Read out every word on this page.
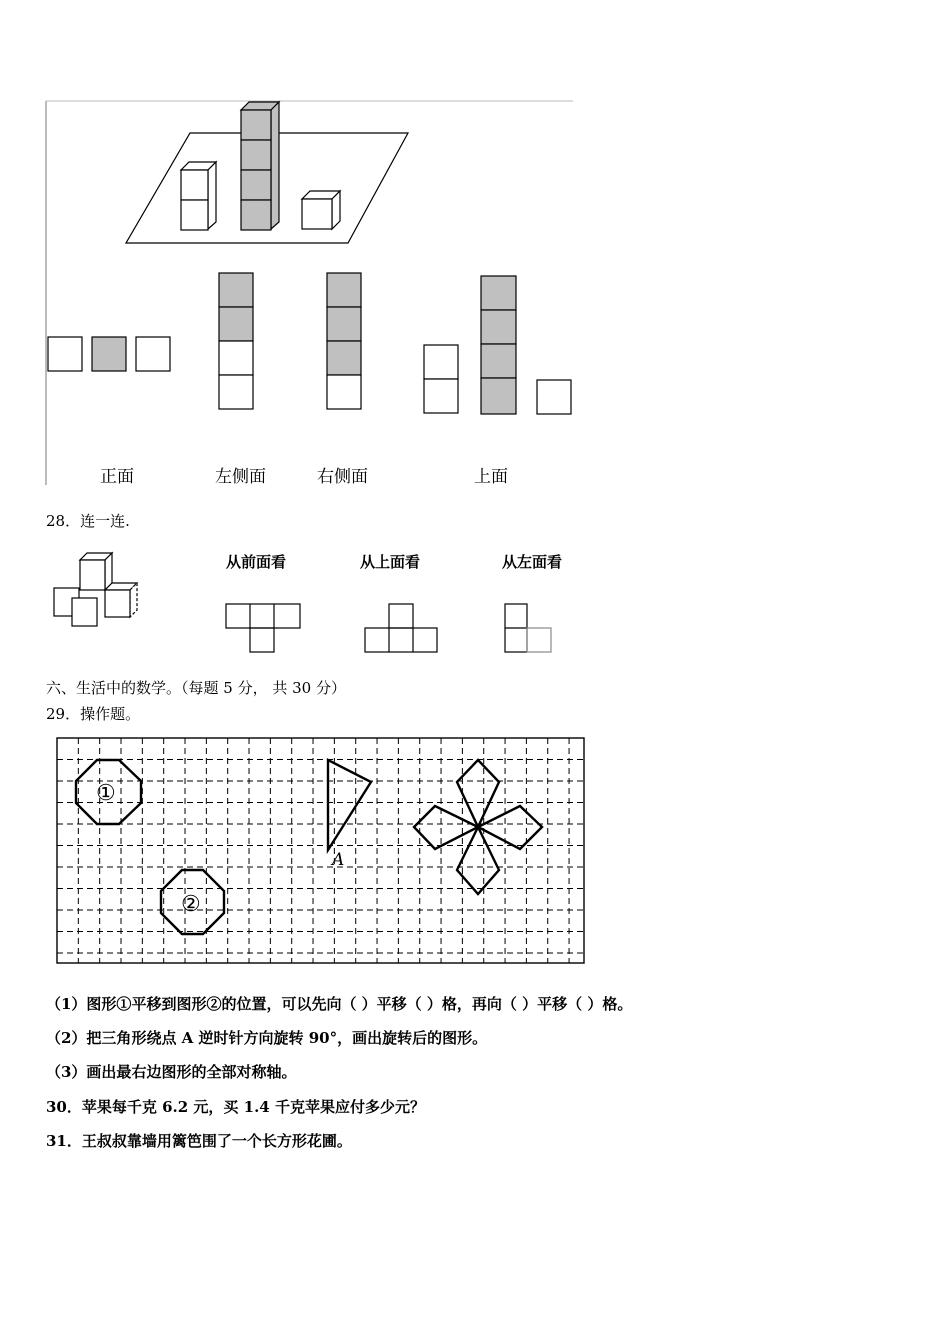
正面	左侧面	右侧面	上面
28．连一连.
从前面看	从上面看	从左面看
六、生活中的数学。（每题 5 分， 共 30 分）
29．操作题。
①
②
A
（1）图形①平移到图形②的位置，可以先向（ ）平移（ ）格，再向（ ）平移（ ）格。
（2）把三角形绕点 A 逆时针方向旋转 90°，画出旋转后的图形。
（3）画出最右边图形的全部对称轴。
30．苹果每千克 6.2 元，买 1.4 千克苹果应付多少元？
31．王叔叔靠墙用篱笆围了一个长方形花圃。
